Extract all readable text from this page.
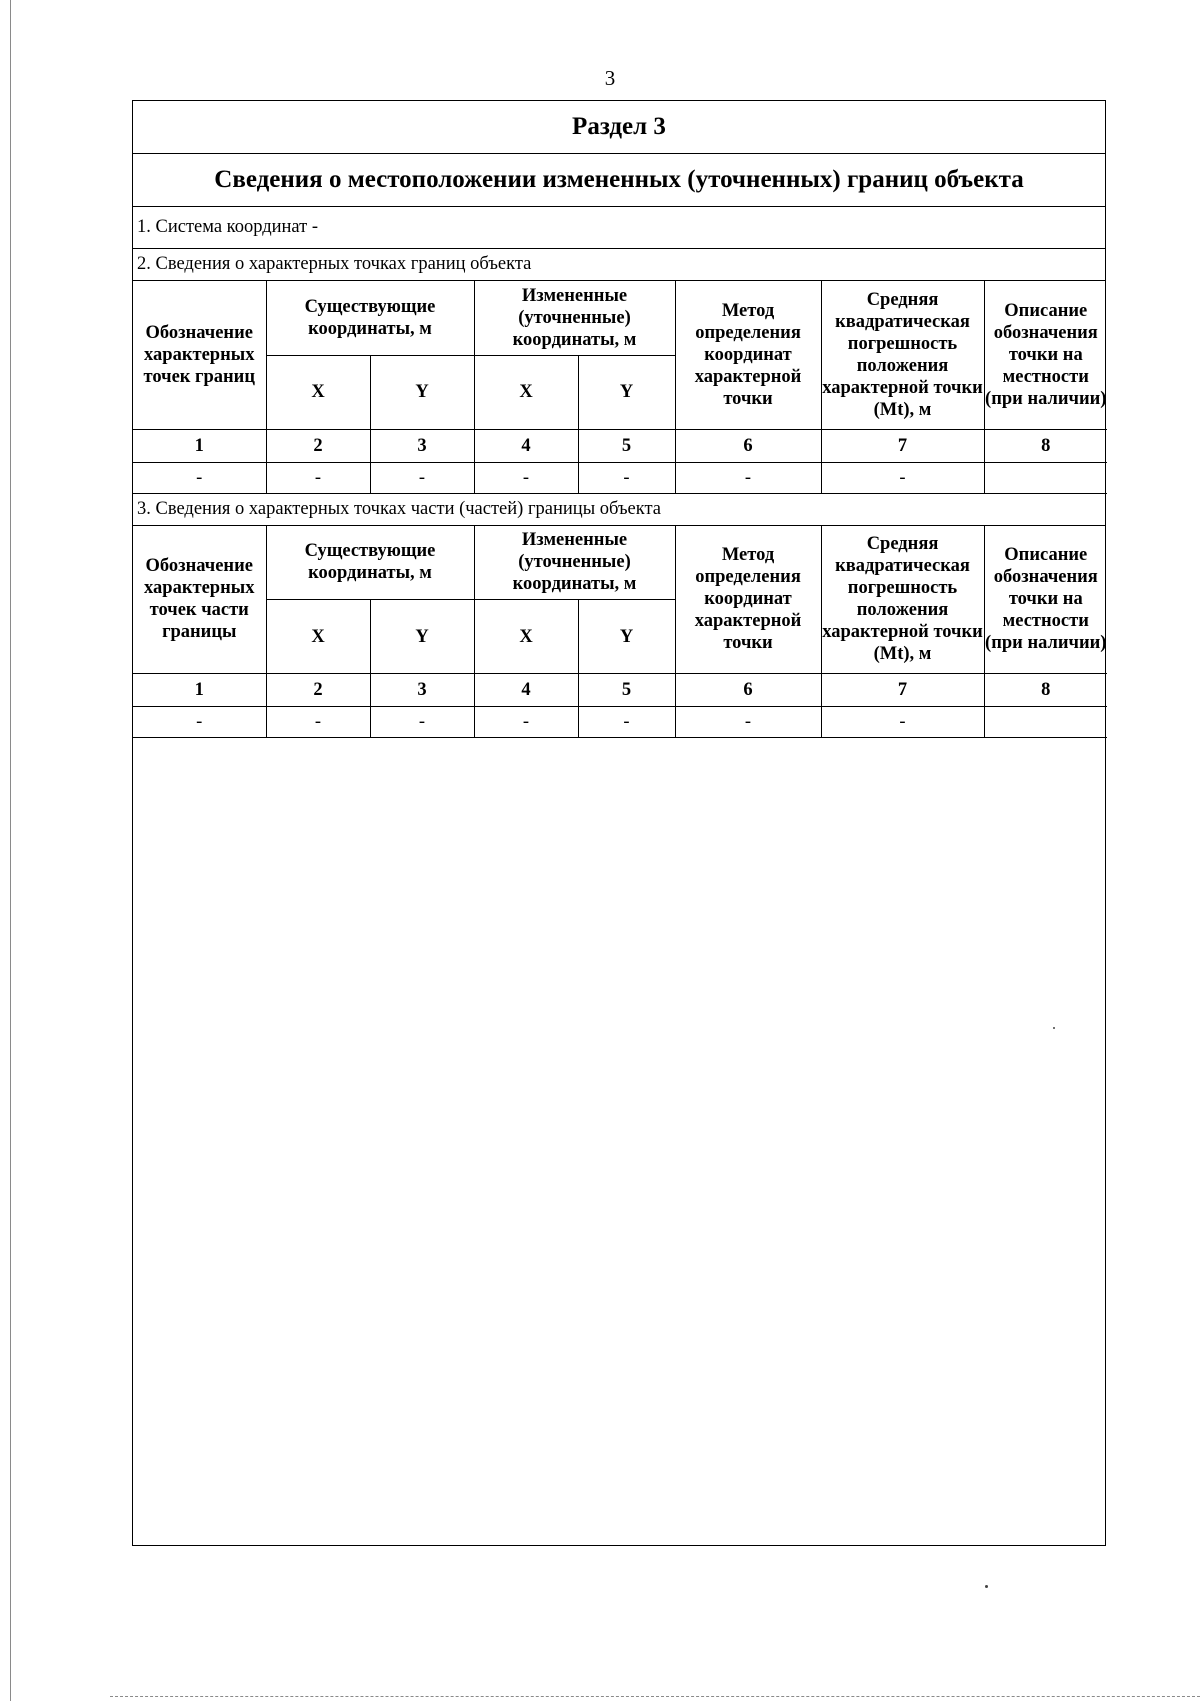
3
Раздел 3
Сведения о местоположении измененных (уточненных) границ объекта
1. Система координат -
2. Сведения о характерных точках границ объекта
Обозначение характерных точек границ	Существующие координаты, м		Измененные (уточненные) координаты, м		Метод определения координат характерной точки	Средняя квадратическая погрешность положения характерной точки (Mt), м	Описание обозначения точки на местности (при наличии)
	X	Y	X	Y			
1	2	3	4	5	6	7	8
-	-	-	-	-	-	-	
3. Сведения о характерных точках части (частей) границы объекта
Обозначение характерных точек части границы	Существующие координаты, м		Измененные (уточненные) координаты, м		Метод определения координат характерной точки	Средняя квадратическая погрешность положения характерной точки (Mt), м	Описание обозначения точки на местности (при наличии)
	X	Y	X	Y			
1	2	3	4	5	6	7	8
-	-	-	-	-	-	-	
